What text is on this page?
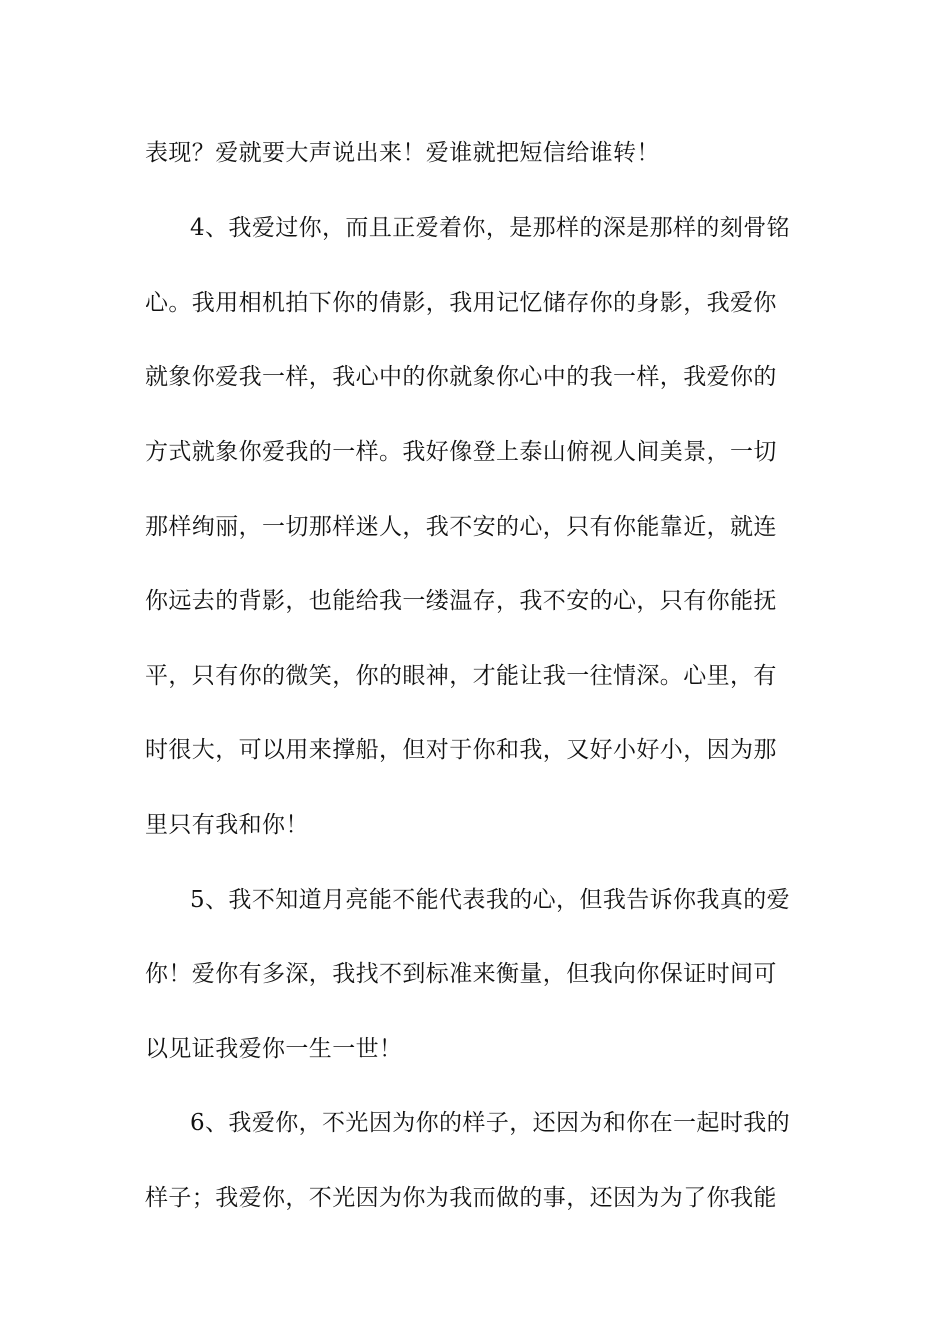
表现？爱就要大声说出来！爱谁就把短信给谁转！
4、我爱过你，而且正爱着你，是那样的深是那样的刻骨铭
心。我用相机拍下你的倩影，我用记忆储存你的身影，我爱你
就象你爱我一样，我心中的你就象你心中的我一样，我爱你的
方式就象你爱我的一样。我好像登上泰山俯视人间美景，一切
那样绚丽，一切那样迷人，我不安的心，只有你能靠近，就连
你远去的背影，也能给我一缕温存，我不安的心，只有你能抚
平，只有你的微笑，你的眼神，才能让我一往情深。心里，有
时很大，可以用来撑船，但对于你和我，又好小好小，因为那
里只有我和你！
5、我不知道月亮能不能代表我的心，但我告诉你我真的爱
你！爱你有多深，我找不到标准来衡量，但我向你保证时间可
以见证我爱你一生一世！
6、我爱你，不光因为你的样子，还因为和你在一起时我的
样子；我爱你，不光因为你为我而做的事，还因为为了你我能
